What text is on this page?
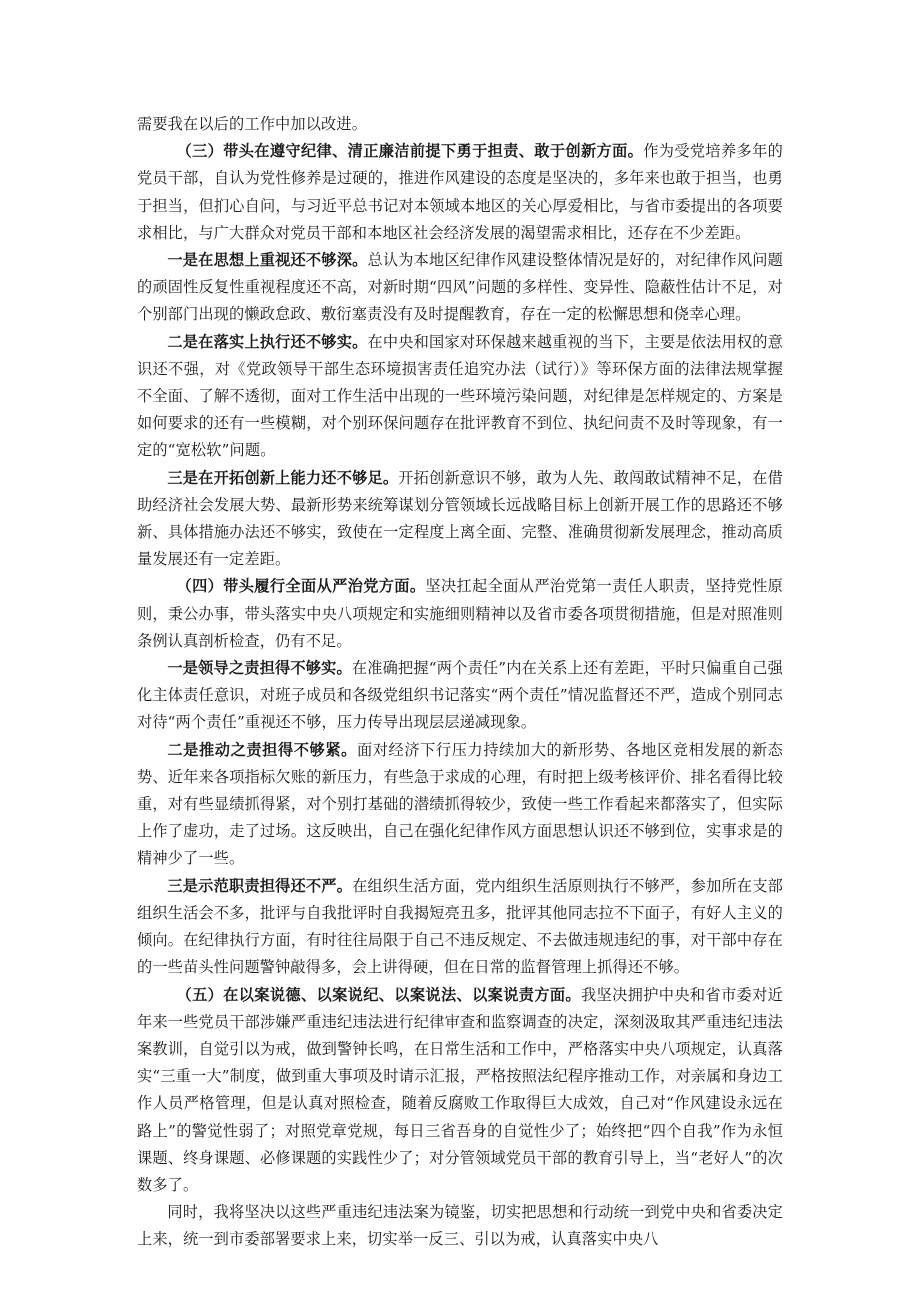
需要我在以后的工作中加以改进。

（三）带头在遵守纪律、清正廉洁前提下勇于担责、敢于创新方面。作为受党培养多年的党员干部，自认为党性修养是过硬的，推进作风建设的态度是坚决的，多年来也敢于担当，也勇于担当，但扪心自问，与习近平总书记对本领域本地区的关心厚爱相比，与省市委提出的各项要求相比，与广大群众对党员干部和本地区社会经济发展的渴望需求相比，还存在不少差距。

一是在思想上重视还不够深。总认为本地区纪律作风建设整体情况是好的，对纪律作风问题的顽固性反复性重视程度还不高，对新时期“四风”问题的多样性、变异性、隐蔽性估计不足，对个别部门出现的懒政怠政、敷衍塞责没有及时提醒教育，存在一定的松懈思想和侥幸心理。

二是在落实上执行还不够实。在中央和国家对环保越来越重视的当下，主要是依法用权的意识还不强，对《党政领导干部生态环境损害责任追究办法（试行）》等环保方面的法律法规掌握不全面、了解不透彻，面对工作生活中出现的一些环境污染问题，对纪律是怎样规定的、方案是如何要求的还有一些模糊，对个别环保问题存在批评教育不到位、执纪问责不及时等现象，有一定的“宽松软”问题。

三是在开拓创新上能力还不够足。开拓创新意识不够，敢为人先、敢闯敢试精神不足，在借助经济社会发展大势、最新形势来统筹谋划分管领域长远战略目标上创新开展工作的思路还不够新、具体措施办法还不够实，致使在一定程度上离全面、完整、准确贯彻新发展理念，推动高质量发展还有一定差距。

（四）带头履行全面从严治党方面。坚决扛起全面从严治党第一责任人职责，坚持党性原则，秉公办事，带头落实中央八项规定和实施细则精神以及省市委各项贯彻措施，但是对照准则条例认真剖析检查，仍有不足。

一是领导之责担得不够实。在准确把握“两个责任”内在关系上还有差距，平时只偏重自己强化主体责任意识，对班子成员和各级党组织书记落实“两个责任”情况监督还不严，造成个别同志对待“两个责任”重视还不够，压力传导出现层层递减现象。

二是推动之责担得不够紧。面对经济下行压力持续加大的新形势、各地区竞相发展的新态势、近年来各项指标欠账的新压力，有些急于求成的心理，有时把上级考核评价、排名看得比较重，对有些显绩抓得紧，对个别打基础的潜绩抓得较少，致使一些工作看起来都落实了，但实际上作了虚功，走了过场。这反映出，自己在强化纪律作风方面思想认识还不够到位，实事求是的精神少了一些。

三是示范职责担得还不严。在组织生活方面，党内组织生活原则执行不够严，参加所在支部组织生活会不多，批评与自我批评时自我揭短亮丑多，批评其他同志拉不下面子，有好人主义的倾向。在纪律执行方面，有时往往局限于自己不违反规定、不去做违规违纪的事，对干部中存在的一些苗头性问题警钟敲得多，会上讲得硬，但在日常的监督管理上抓得还不够。

（五）在以案说德、以案说纪、以案说法、以案说责方面。我坚决拥护中央和省市委对近年来一些党员干部涉嫌严重违纪违法进行纪律审查和监察调查的决定，深刻汲取其严重违纪违法案教训，自觉引以为戒，做到警钟长鸣，在日常生活和工作中，严格落实中央八项规定，认真落实“三重一大”制度，做到重大事项及时请示汇报，严格按照法纪程序推动工作，对亲属和身边工作人员严格管理，但是认真对照检查，随着反腐败工作取得巨大成效，自己对“作风建设永远在路上”的警觉性弱了；对照党章党规，每日三省吾身的自觉性少了；始终把“四个自我”作为永恒课题、终身课题、必修课题的实践性少了；对分管领域党员干部的教育引导上，当“老好人”的次数多了。

同时，我将坚决以这些严重违纪违法案为镜鉴，切实把思想和行动统一到党中央和省委决定上来，统一到市委部署要求上来，切实举一反三、引以为戒，认真落实中央八
